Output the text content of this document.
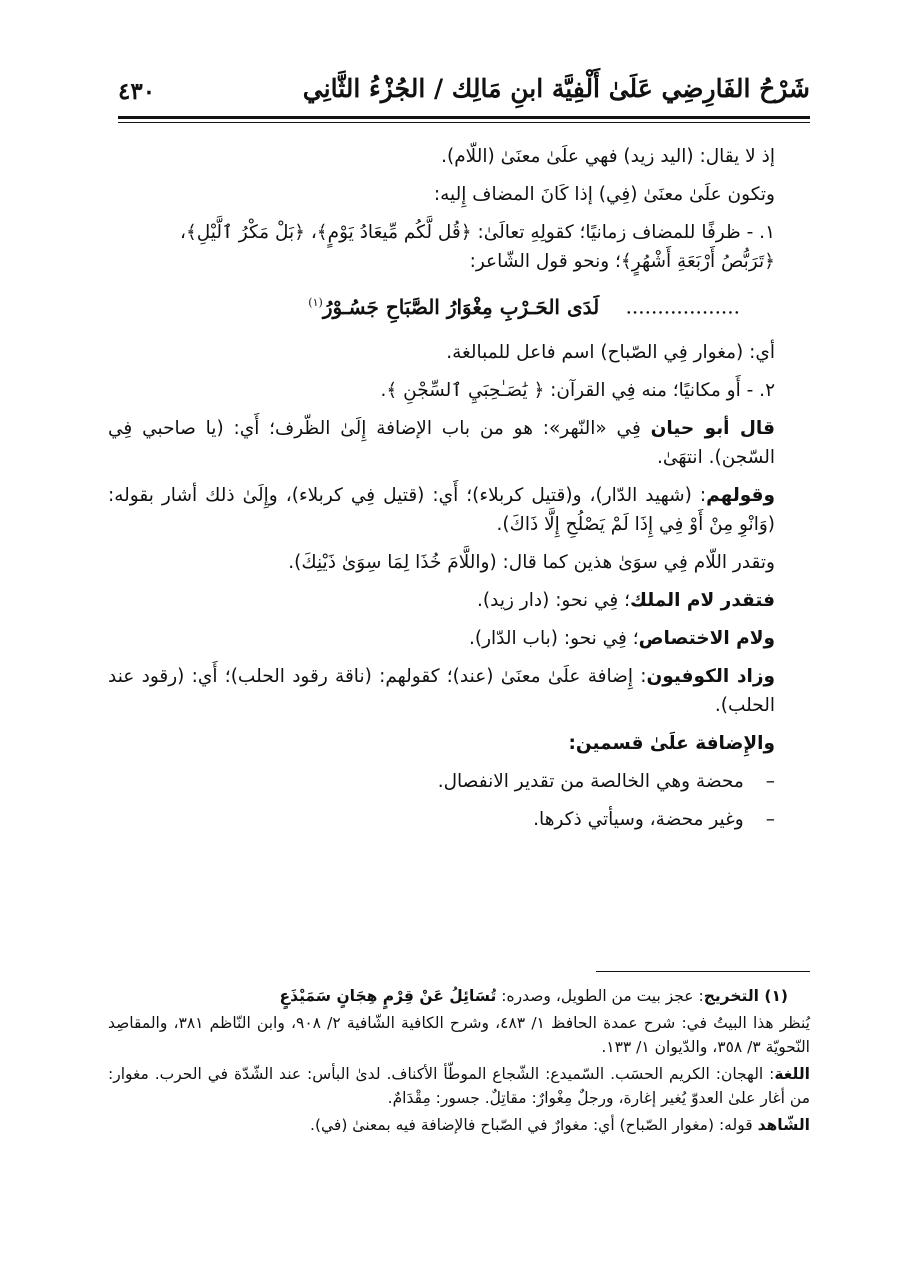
شَرْحُ الفَارِضِي عَلَىٰ أَلْفِيَّة ابنِ مَالِك / الجُزْءُ الثَّانِي
٤٣٠

إذ لا يقال: (اليد زيد) فهي علَىٰ معنَىٰ (اللّام).

وتكون علَىٰ معنَىٰ (فِي) إذا كَانَ المضاف إِليه:

١. - ظرفًا للمضاف زمانيًا؛ كقولِهِ تعالَىٰ: ﴿قُل لَّكُم مِّيعَادُ يَوْمٍ﴾، ﴿بَلْ مَكْرُ ٱلَّيْلِ﴾،
﴿تَرَبُّصُ أَرْبَعَةِ أَشْهُرٍ﴾؛ ونحو قول الشّاعر:

.................. لَدَى الحَـرْبِ مِغْوَارُ الصَّبَاحِ جَسُـوْرُ$^{(١)}$

أي: (مغوار فِي الصّباح) اسم فاعل للمبالغة.

٢. - أَو مكانيًا؛ منه فِي القرآن: ﴿ يَٰصَـٰحِبَيِ ٱلسِّجْنِ ﴾.

قال أبو حيان فِي «النّهر»: هو من باب الإضافة إِلَىٰ الظّرف؛ أَي: (يا صاحبي فِي السّجن). انتهَىٰ.

وقولهم: (شهيد الدّار)، و(قتيل كربلاء)؛ أَي: (قتيل فِي كربلاء)، وإِلَىٰ ذلك أشار بقوله: (وَانْوِ مِنْ أَوْ فِي إِذَا لَمْ يَصْلُحِ إِلَّا ذَاكَ).

وتقدر اللّام فِي سوَىٰ هذين كما قال: (واللَّامَ خُذَا لِمَا سِوَىٰ ذَيْنِكَ).

فتقدر لام الملك؛ فِي نحو: (دار زيد).

ولام الاختصاص؛ فِي نحو: (باب الدّار).

وزاد الكوفيون: إِضافة علَىٰ معنَىٰ (عند)؛ كقولهم: (ناقة رقود الحلب)؛ أَي: (رقود عند الحلب).

والإِضافة علَىٰ قسمين:

–
محضة وهي الخالصة من تقدير الانفصال.
–
وغير محضة، وسيأتي ذكرها.

(١) التخريج: عجز بيت من الطويل، وصدره: تُسَائِلُ عَنْ قِرْمٍ هِجَانٍ سَمَيْذَعٍ

يُنظر هذا البيتُ في: شرح عمدة الحافظ ١/ ٤٨٣، وشرح الكافية الشّافية ٢/ ٩٠٨، وابن النّاظم ٣٨١، والمقاصِد النّحويّة ٣/ ٣٥٨، والدّيوان ١/ ١٣٣.

اللغة: الهجان: الكريم الحسَب. السّميدع: الشّجاع الموطّأ الأكناف. لدىٰ البأس: عند الشّدّة في الحرب. مغوار: من أغار علىٰ العدوّ يُغير إغارة، ورجلٌ مِغْوارٌ: مقاتِلٌ. جسور: مِقْدَامٌ.

الشّاهد قوله: (مغوار الصّباح) أي: مغوارٌ في الصّباح فالإضافة فيه بمعنىٰ (في).
